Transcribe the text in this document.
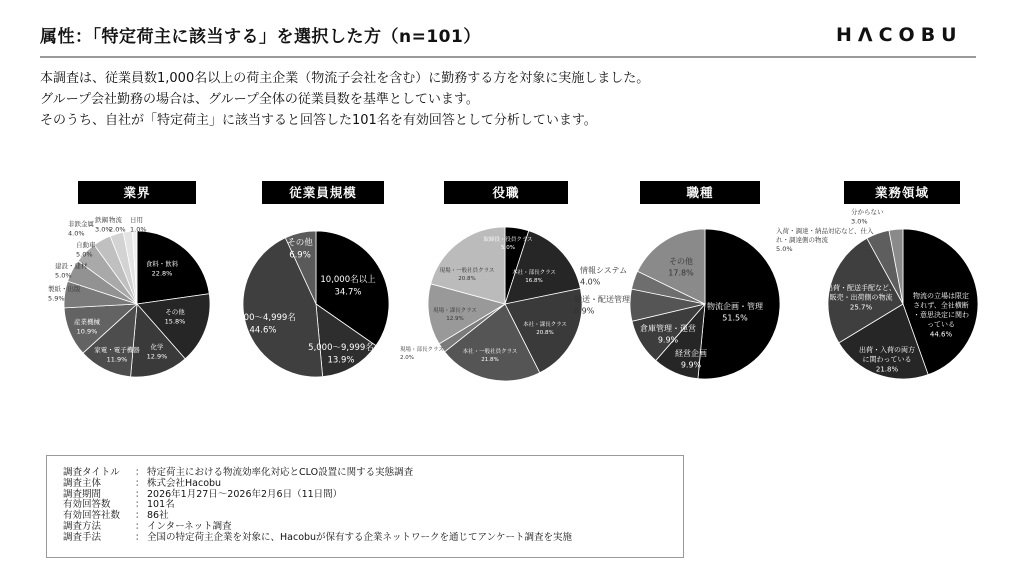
属性：「特定荷主に該当する」を選択した方（n=101）	HΛCOBU
本調査は、従業員数1,000名以上の荷主企業（物流子会社を含む）に勤務する方を対象に実施しました。
グループ会社勤務の場合は、グループ全体の従業員数を基準としています。
そのうち、自社が「特定荷主」に該当すると回答した101名を有効回答として分析しています。
業界	従業員規模	役職	職種	業務領域
食料・飲料 22.8%
その他 15.8%
化学 12.9%
家電・電子機器 11.9%
産業機械 10.9%
製紙・出版 5.9%
建設・建材 5.0%
自動車 5.0%
非鉄金属 4.0%
鉄鋼 3.0%
物流 2.0%
日用 1.0%
10,000名以上 34.7%
5,000〜9,999名 13.9%
1,000〜4,999名 44.6%
その他 6.9%
取締役・役員クラス 5.0%
本社・部長クラス 16.8%
本社・課長クラス 20.8%
本社・一般社員クラス 21.8%
現場・部長クラス 2.0%
現場・課長クラス 12.9%
現場・一般社員クラス 20.8%
物流企画・管理 51.5%
経営企画 9.9%
倉庫管理・運営 9.9%
輸送・配送管理 6.9%
情報システム 4.0%
その他 17.8%
物流の立場は限定されず、全社横断・意思決定に関わっている 44.6%
出荷・入荷の両方に関わっている 21.8%
出荷・配送手配など、販売・出荷側の物流 25.7%
入荷・調達・納品対応など、仕入れ・調達側の物流 5.0%
分からない 3.0%
調査タイトル ： 特定荷主における物流効率化対応とCLO設置に関する実態調査
調査主体	： 株式会社Hacobu
調査期間	： 2026年1月27日〜2026年2月6日（11日間）
有効回答数	： 101名
有効回答社数 ： 86社
調査方法	： インターネット調査
調査手法	： 全国の特定荷主企業を対象に、Hacobuが保有する企業ネットワークを通じてアンケート調査を実施
